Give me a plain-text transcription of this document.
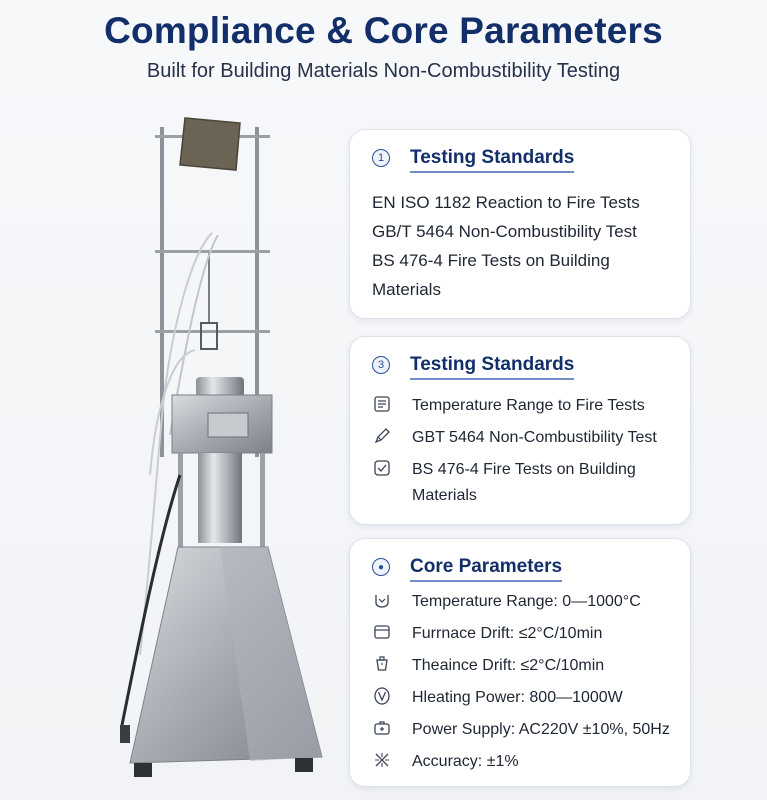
Compliance & Core Parameters
Built for Building Materials Non-Combustibility Testing
1	Testing Standards
EN ISO 1182 Reaction to Fire Tests
GB/T 5464 Non-Combustibility Test
BS 476-4 Fire Tests on Building Materials
3	Testing Standards
Temperature Range to Fire Tests
GBT 5464 Non-Combustibility Test
BS 476-4 Fire Tests on Building Materials
●	Core Parameters
Temperature Range: 0—1000°C
Furrnace Drift: ≤2°C/10min
Theaince Drift: ≤2°C/10min
Hleating Power: 800—1000W
Power Supply: AC220V ±10%, 50Hz
Accuracy: ±1%
